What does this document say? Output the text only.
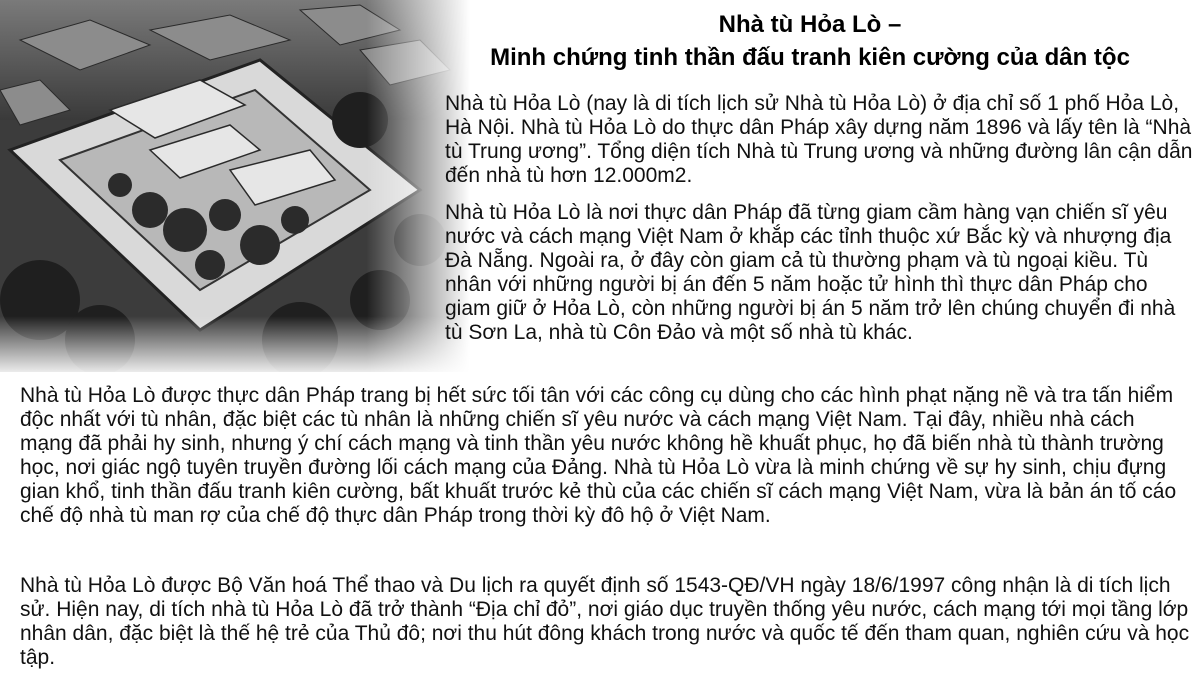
Nhà tù Hỏa Lò –
Minh chứng tinh thần đấu tranh kiên cường của dân tộc

Nhà tù Hỏa Lò (nay là di tích lịch sử Nhà tù Hỏa Lò) ở địa chỉ số 1 phố Hỏa Lò, Hà Nội. Nhà tù Hỏa Lò do thực dân Pháp xây dựng năm 1896 và lấy tên là “Nhà tù Trung ương”. Tổng diện tích Nhà tù Trung ương và những đường lân cận dẫn đến nhà tù hơn 12.000m2.

Nhà tù Hỏa Lò là nơi thực dân Pháp đã từng giam cầm hàng vạn chiến sĩ yêu nước và cách mạng Việt Nam ở khắp các tỉnh thuộc xứ Bắc kỳ và nhượng địa Đà Nẵng. Ngoài ra, ở đây còn giam cả tù thường phạm và tù ngoại kiều. Tù nhân với những người bị án đến 5 năm hoặc tử hình thì thực dân Pháp cho giam giữ ở Hỏa Lò, còn những người bị án 5 năm trở lên chúng chuyển đi nhà tù Sơn La, nhà tù Côn Đảo và một số nhà tù khác.

Nhà tù Hỏa Lò được thực dân Pháp trang bị hết sức tối tân với các công cụ dùng cho các hình phạt nặng nề và tra tấn hiểm độc nhất với tù nhân, đặc biệt các tù nhân là những chiến sĩ yêu nước và cách mạng Việt Nam. Tại đây, nhiều nhà cách mạng đã phải hy sinh, nhưng ý chí cách mạng và tinh thần yêu nước không hề khuất phục, họ đã biến nhà tù thành trường học, nơi giác ngộ tuyên truyền đường lối cách mạng của Đảng. Nhà tù Hỏa Lò vừa là minh chứng về sự hy sinh, chịu đựng gian khổ, tinh thần đấu tranh kiên cường, bất khuất trước kẻ thù của các chiến sĩ cách mạng Việt Nam, vừa là bản án tố cáo chế độ nhà tù man rợ của chế độ thực dân Pháp trong thời kỳ đô hộ ở Việt Nam.

Nhà tù Hỏa Lò được Bộ Văn hoá Thể thao và Du lịch ra quyết định số 1543-QĐ/VH ngày 18/6/1997 công nhận là di tích lịch sử. Hiện nay, di tích nhà tù Hỏa Lò đã trở thành “Địa chỉ đỏ”, nơi giáo dục truyền thống yêu nước, cách mạng tới mọi tầng lớp nhân dân, đặc biệt là thế hệ trẻ của Thủ đô; nơi thu hút đông khách trong nước và quốc tế đến tham quan, nghiên cứu và học tập.
